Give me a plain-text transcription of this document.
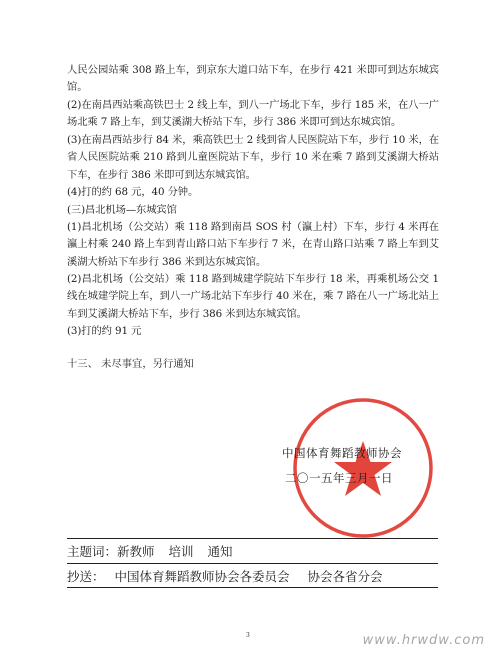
人民公园站乘 308 路上车，到京东大道口站下车，在步行 421 米即可到达东城宾馆。

(2)在南昌西站乘高铁巴士 2 线上车，到八一广场北下车，步行 185 米，在八一广场北乘 7 路上车，到艾溪湖大桥站下车，步行 386 米即可到达东城宾馆。

(3)在南昌西站步行 84 米，乘高铁巴士 2 线到省人民医院站下车，步行 10 米，在省人民医院站乘 210 路到儿童医院站下车，步行 10 米在乘 7 路到艾溪湖大桥站下车，在步行 386 米即可到达东城宾馆。

(4)打的约 68 元，40 分钟。

(三)昌北机场—东城宾馆

(1)昌北机场（公交站）乘 118 路到南昌 SOS 村（瀛上村）下车，步行 4 米再在瀛上村乘 240 路上车到青山路口站下车步行 7 米，在青山路口站乘 7 路上车到艾溪湖大桥站下车步行 386 米到达东城宾馆。

(2)昌北机场（公交站）乘 118 路到城建学院站下车步行 18 米，再乘机场公交 1 线在城建学院上车，到八一广场北站下车步行 40 米在，乘 7 路在八一广场北站上车到艾溪湖大桥站下车，步行 386 米到达东城宾馆。

(3)打的约 91 元

十三、 未尽事宜，另行通知
中国体育舞蹈教师协会
二〇一五年三月一日
主题词：新教师 培训 通知
抄送： 中国体育舞蹈教师协会各委员会 协会各省分会
3	www.hrwdw.com
